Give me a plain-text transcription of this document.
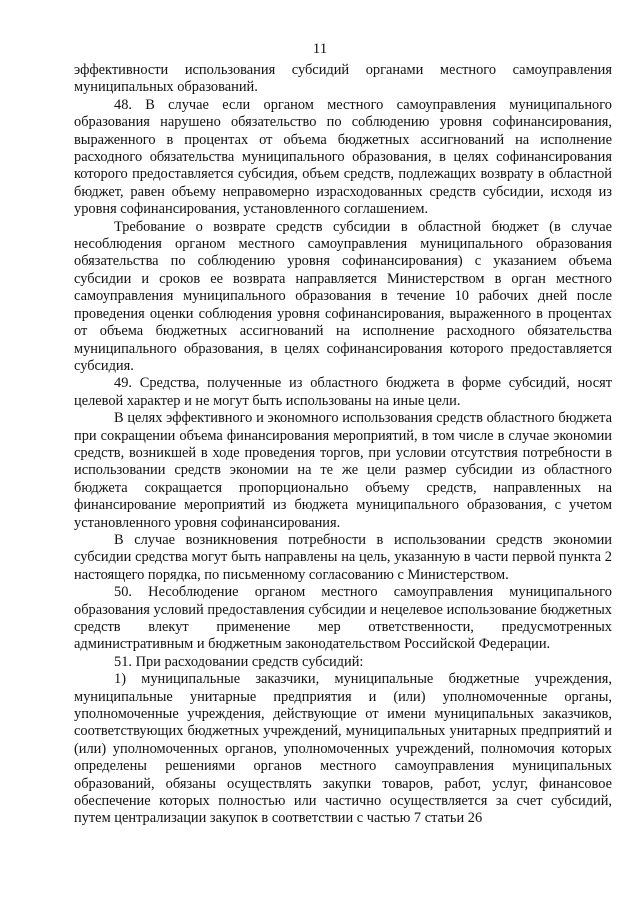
11

эффективности использования субсидий органами местного самоуправления муниципальных образований.

48. В случае если органом местного самоуправления муниципального образования нарушено обязательство по соблюдению уровня софинансирования, выраженного в процентах от объема бюджетных ассигнований на исполнение расходного обязательства муниципального образования, в целях софинансирования которого предоставляется субсидия, объем средств, подлежащих возврату в областной бюджет, равен объему неправомерно израсходованных средств субсидии, исходя из уровня софинансирования, установленного соглашением.

Требование о возврате средств субсидии в областной бюджет (в случае несоблюдения органом местного самоуправления муниципального образования обязательства по соблюдению уровня софинансирования) с указанием объема субсидии и сроков ее возврата направляется Министерством в орган местного самоуправления муниципального образования в течение 10 рабочих дней после проведения оценки соблюдения уровня софинансирования, выраженного в процентах от объема бюджетных ассигнований на исполнение расходного обязательства муниципального образования, в целях софинансирования которого предоставляется субсидия.

49. Средства, полученные из областного бюджета в форме субсидий, носят целевой характер и не могут быть использованы на иные цели.

В целях эффективного и экономного использования средств областного бюджета при сокращении объема финансирования мероприятий, в том числе в случае экономии средств, возникшей в ходе проведения торгов, при условии отсутствия потребности в использовании средств экономии на те же цели размер субсидии из областного бюджета сокращается пропорционально объему средств, направленных на финансирование мероприятий из бюджета муниципального образования, с учетом установленного уровня софинансирования.

В случае возникновения потребности в использовании средств экономии субсидии средства могут быть направлены на цель, указанную в части первой пункта 2 настоящего порядка, по письменному согласованию с Министерством.

50. Несоблюдение органом местного самоуправления муниципального образования условий предоставления субсидии и нецелевое использование бюджетных средств влекут применение мер ответственности, предусмотренных административным и бюджетным законодательством Российской Федерации.

51. При расходовании средств субсидий:

1) муниципальные заказчики, муниципальные бюджетные учреждения, муниципальные унитарные предприятия и (или) уполномоченные органы, уполномоченные учреждения, действующие от имени муниципальных заказчиков, соответствующих бюджетных учреждений, муниципальных унитарных предприятий и (или) уполномоченных органов, уполномоченных учреждений, полномочия которых определены решениями органов местного самоуправления муниципальных образований, обязаны осуществлять закупки товаров, работ, услуг, финансовое обеспечение которых полностью или частично осуществляется за счет субсидий, путем централизации закупок в соответствии с частью 7 статьи 26
